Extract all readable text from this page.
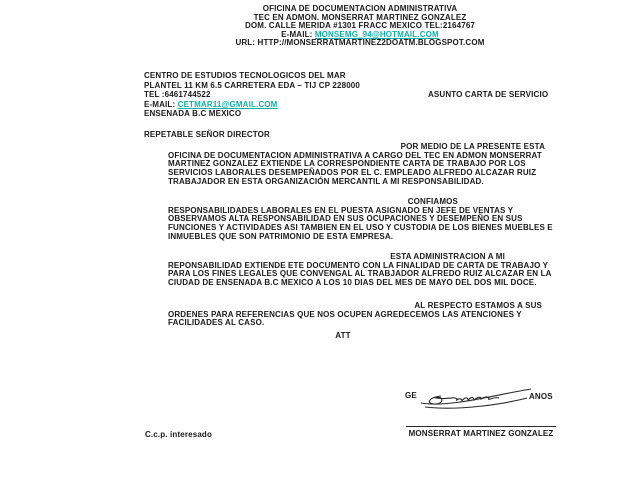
OFICINA DE DOCUMENTACION ADMINISTRATIVA
TEC EN ADMON. MONSERRAT MARTINEZ GONZALEZ
DOM. CALLE MERIDA #1301 FRACC MEXICO TEL:2164767
E-MAIL: MONSEMG_94@HOTMAIL.COM
URL: HTTP://MONSERRATMARTINEZ2DOATM.BLOGSPOT.COM
CENTRO DE ESTUDIOS TECNOLOGICOS DEL MAR
PLANTEL 11 KM 6.5 CARRETERA EDA – TIJ CP 228000
TEL :6461744522
E-MAIL: CETMAR11@GMAIL.COM
ENSENADA B.C MEXICO
ASUNTO CARTA DE SERVICIO
REPETABLE SEÑOR DIRECTOR
POR MEDIO DE LA PRESENTE ESTA
OFICINA DE DOCUMENTACION ADMINISTRATIVA A CARGO DEL TEC EN ADMON MONSERRAT
MARTINEZ GONZALEZ EXTIENDE LA CORRESPONDIENTE CARTA DE TRABAJO POR LOS
SERVICIOS LABORALES DESEMPEÑADOS POR EL C. EMPLEADO ALFREDO ALCAZAR RUIZ
TRABAJADOR EN ESTA ORGANIZACIÓN MERCANTIL A MI RESPONSABILIDAD.
CONFIAMOS
RESPONSABILIDADES LABORALES EN EL PUESTA ASIGNADO EN JEFE DE VENTAS Y
OBSERVAMOS ALTA RESPONSABILIDAD EN SUS OCUPACIONES Y DESEMPEÑO EN SUS
FUNCIONES Y ACTIVIDADES ASI TAMBIEN EN EL USO Y CUSTODIA DE LOS BIENES MUEBLES E
INMUEBLES QUE SON PATRIMONIO DE ESTA EMPRESA.
ESTA ADMINISTRACION A MI
REPONSABILIDAD EXTIENDE ETE DOCUMENTO CON LA FINALIDAD DE CARTA DE TRABAJO Y
PARA LOS FINES LEGALES QUE CONVENGAL AL TRABJADOR ALFREDO RUIZ ALCAZAR EN LA
CIUDAD DE ENSENADA B.C MEXICO A LOS 10 DIAS DEL MES DE MAYO DEL DOS MIL DOCE.
AL RESPECTO ESTAMOS A SUS
ORDENES PARA REFERENCIAS QUE NOS OCUPEN AGREDECEMOS LAS ATENCIONES Y
FACILIDADES AL CASO.
ATT
GE	ANOS
MONSERRAT MARTINEZ GONZALEZ
C.c.p. interesado
